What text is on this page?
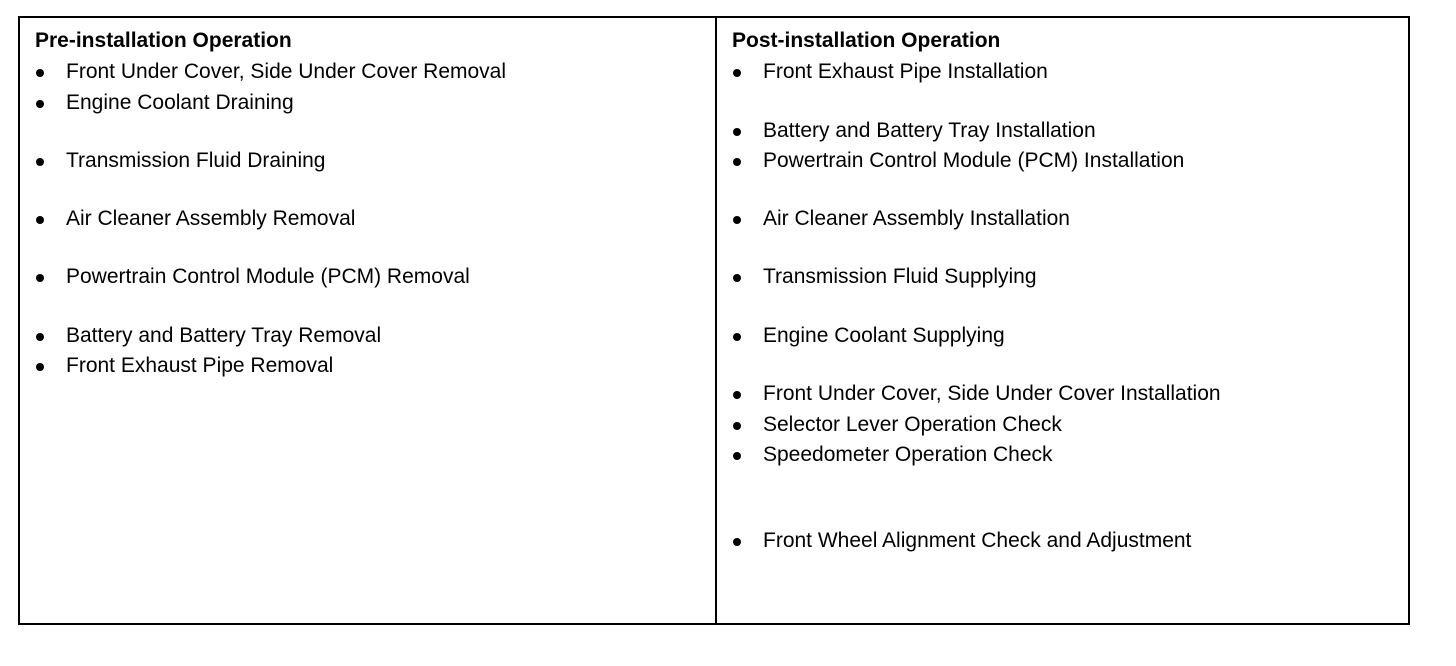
Pre-installation Operation
Front Under Cover, Side Under Cover Removal
Engine Coolant Draining
Transmission Fluid Draining
Air Cleaner Assembly Removal
Powertrain Control Module (PCM) Removal
Battery and Battery Tray Removal
Front Exhaust Pipe Removal
Post-installation Operation
Front Exhaust Pipe Installation
Battery and Battery Tray Installation
Powertrain Control Module (PCM) Installation
Air Cleaner Assembly Installation
Transmission Fluid Supplying
Engine Coolant Supplying
Front Under Cover, Side Under Cover Installation
Selector Lever Operation Check
Speedometer Operation Check
Front Wheel Alignment Check and Adjustment
